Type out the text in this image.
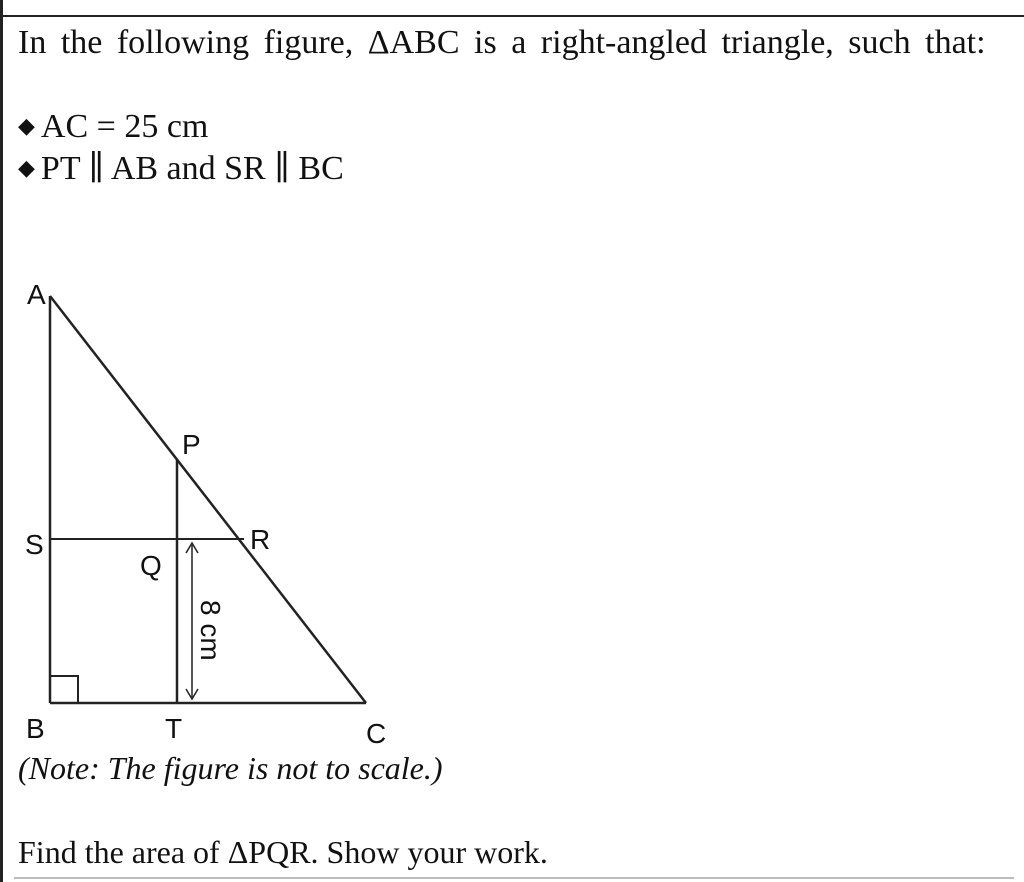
In the following figure, ΔABC is a right-angled triangle, such that:
◆ AC = 25 cm
◆ PT ∥ AB and SR ∥ BC
8 cm
A
B	C
P
Q
R
S
T
(Note: The figure is not to scale.)
Find the area of ΔPQR. Show your work.
